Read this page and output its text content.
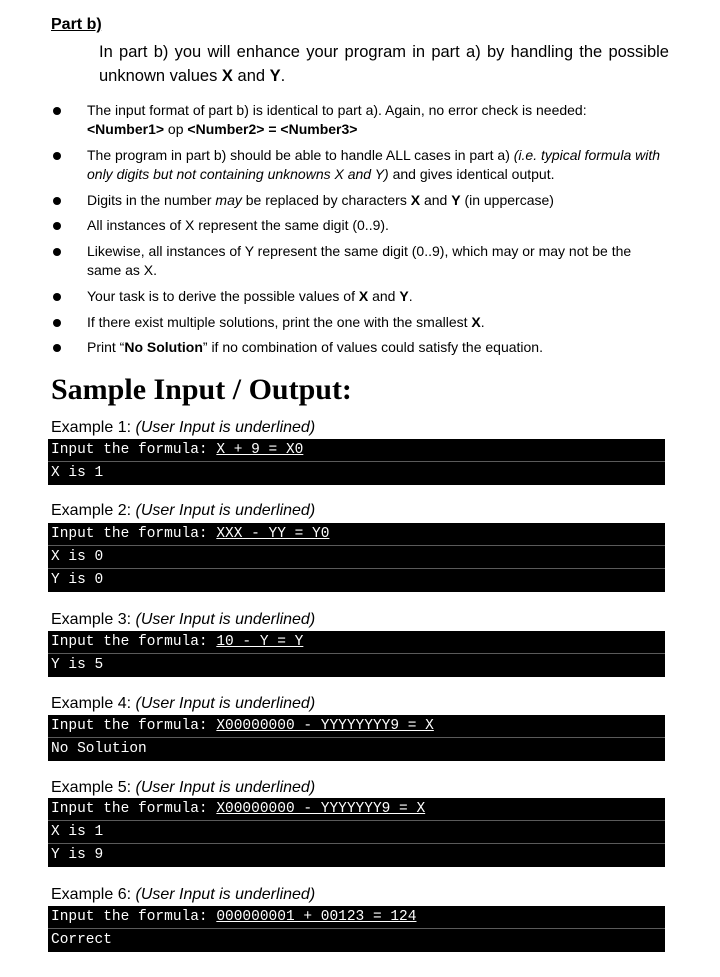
Part b)
In part b) you will enhance your program in part a) by handling the possible unknown values X and Y.
The input format of part b) is identical to part a). Again, no error check is needed:
<Number1> op <Number2> = <Number3>
The program in part b) should be able to handle ALL cases in part a) (i.e. typical formula with only digits but not containing unknowns X and Y) and gives identical output.
Digits in the number may be replaced by characters X and Y (in uppercase)
All instances of X represent the same digit (0..9).
Likewise, all instances of Y represent the same digit (0..9), which may or may not be the same as X.
Your task is to derive the possible values of X and Y.
If there exist multiple solutions, print the one with the smallest X.
Print “No Solution” if no combination of values could satisfy the equation.
Sample Input / Output:
Example 1: (User Input is underlined)
Input the formula: X + 9 = X0
X is 1
Example 2: (User Input is underlined)
Input the formula: XXX - YY = Y0
X is 0
Y is 0
Example 3: (User Input is underlined)
Input the formula: 10 - Y = Y
Y is 5
Example 4: (User Input is underlined)
Input the formula: X00000000 - YYYYYYYY9 = X
No Solution
Example 5: (User Input is underlined)
Input the formula: X00000000 - YYYYYYY9 = X
X is 1
Y is 9
Example 6: (User Input is underlined)
Input the formula: 000000001 + 00123 = 124
Correct
